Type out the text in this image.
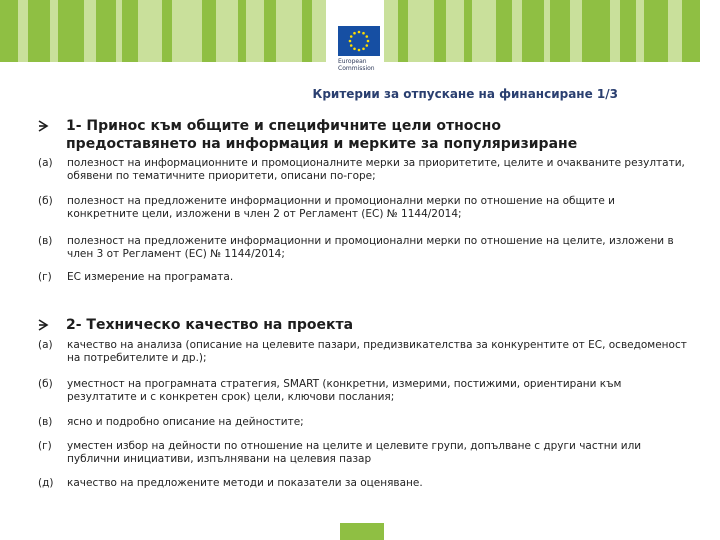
European
Commission
Критерии за отпускане на финансиране 1/3
1- Принос към общите и специфичните цели относно
предоставянето на информация и мерките за популяризиране
(а)	полезност на информационните и промоционалните мерки за приоритетите, целите и очакваните резултати, обявени по тематичните приоритети, описани по-горе;
(б)	полезност на предложените информационни и промоционални мерки по отношение на общите и конкретните цели, изложени в член 2 от Регламент (ЕС) № 1144/2014;
(в)	полезност на предложените информационни и промоционални мерки по отношение на целите, изложени в член 3 от Регламент (ЕС) № 1144/2014;
(г)	ЕС измерение на програмата.
2- Техническо качество на проекта
(а)	качество на анализа (описание на целевите пазари, предизвикателства за конкурентите от ЕС, осведоменост на потребителите и др.);
(б)	уместност на програмната стратегия, SMART (конкретни, измерими, постижими, ориентирани към резултатите и с конкретен срок) цели, ключови послания;
(в)	ясно и подробно описание на дейностите;
(г)	уместен избор на дейности по отношение на целите и целевите групи, допълване с други частни или публични инициативи, изпълнявани на целевия пазар
(д)	качество на предложените методи и показатели за оценяване.
